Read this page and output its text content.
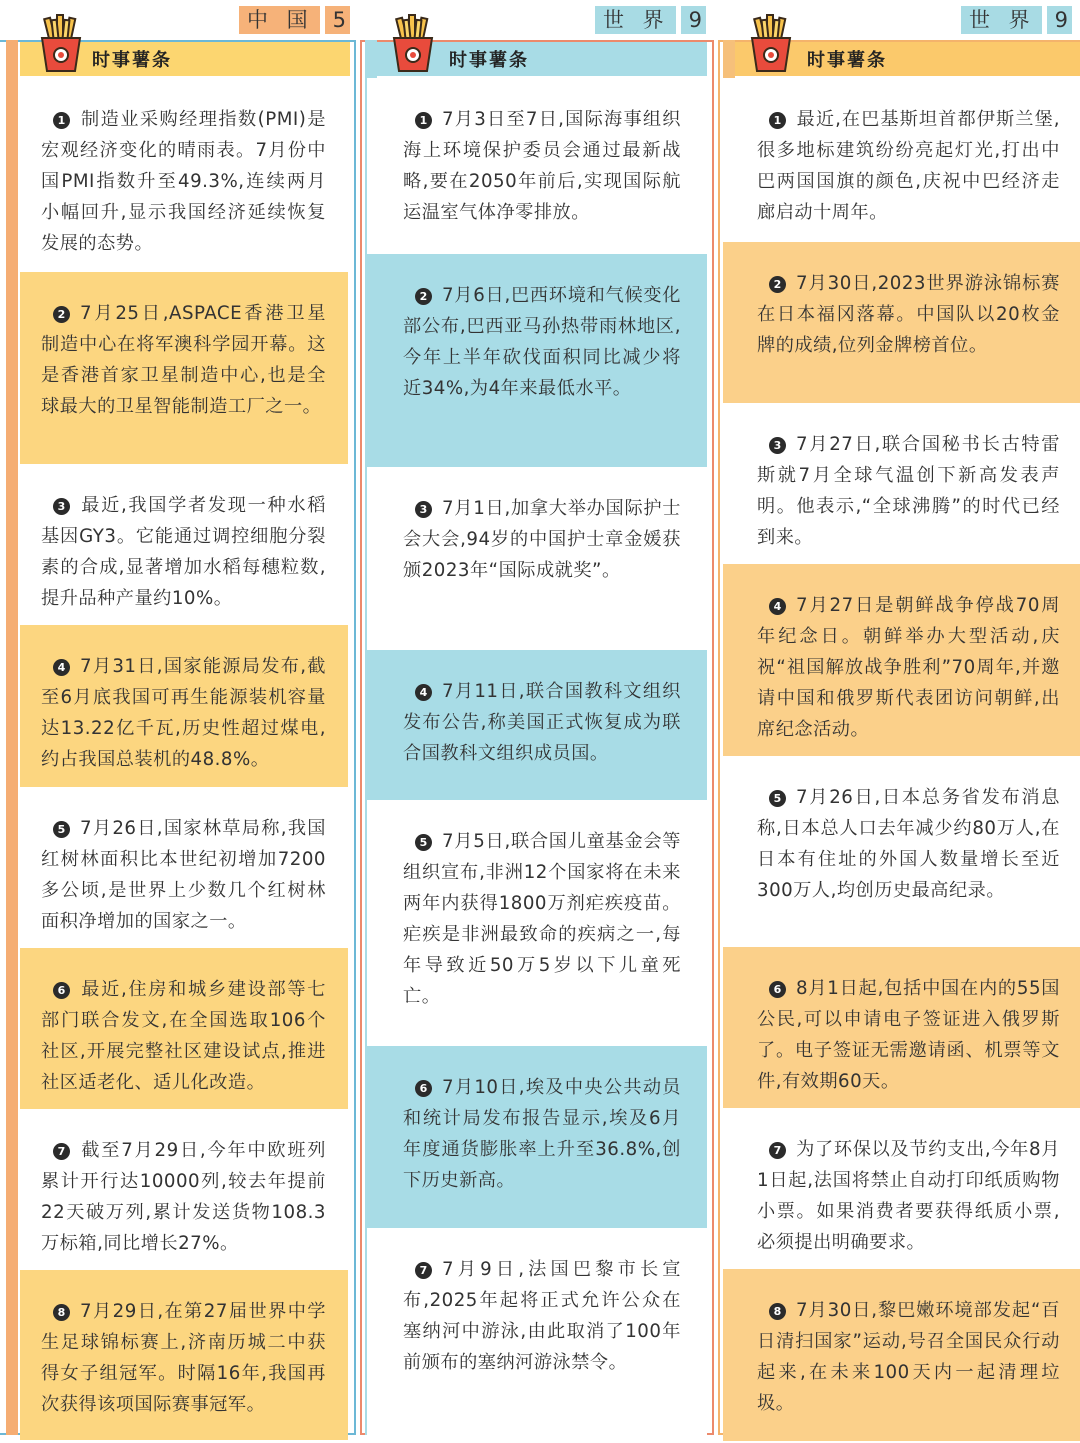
时事薯条
中 国 5

1 制造业采购经理指数(PMI)是宏观经济变化的晴雨表。7月份中国PMI指数升至49.3%,连续两月小幅回升,显示我国经济延续恢复发展的态势。

2 7月25日,ASPACE香港卫星制造中心在将军澳科学园开幕。这是香港首家卫星制造中心,也是全球最大的卫星智能制造工厂之一。

3 最近,我国学者发现一种水稻基因GY3。它能通过调控细胞分裂素的合成,显著增加水稻每穗粒数,提升品种产量约10%。

4 7月31日,国家能源局发布,截至6月底我国可再生能源装机容量达13.22亿千瓦,历史性超过煤电,约占我国总装机的48.8%。

5 7月26日,国家林草局称,我国红树林面积比本世纪初增加7200多公顷,是世界上少数几个红树林面积净增加的国家之一。

6 最近,住房和城乡建设部等七部门联合发文,在全国选取106个社区,开展完整社区建设试点,推进社区适老化、适儿化改造。

7 截至7月29日,今年中欧班列累计开行达10000列,较去年提前22天破万列,累计发送货物108.3万标箱,同比增长27%。

8 7月29日,在第27届世界中学生足球锦标赛上,济南历城二中获得女子组冠军。时隔16年,我国再次获得该项国际赛事冠军。

时事薯条
世 界 9

1 7月3日至7日,国际海事组织海上环境保护委员会通过最新战略,要在2050年前后,实现国际航运温室气体净零排放。

2 7月6日,巴西环境和气候变化部公布,巴西亚马孙热带雨林地区,今年上半年砍伐面积同比减少将近34%,为4年来最低水平。

3 7月1日,加拿大举办国际护士会大会,94岁的中国护士章金媛获颁2023年“国际成就奖”。

4 7月11日,联合国教科文组织发布公告,称美国正式恢复成为联合国教科文组织成员国。

5 7月5日,联合国儿童基金会等组织宣布,非洲12个国家将在未来两年内获得1800万剂疟疾疫苗。疟疾是非洲最致命的疾病之一,每年导致近50万5岁以下儿童死亡。

6 7月10日,埃及中央公共动员和统计局发布报告显示,埃及6月年度通货膨胀率上升至36.8%,创下历史新高。

7 7月9日,法国巴黎市长宣布,2025年起将正式允许公众在塞纳河中游泳,由此取消了100年前颁布的塞纳河游泳禁令。

时事薯条
世 界 9

1 最近,在巴基斯坦首都伊斯兰堡,很多地标建筑纷纷亮起灯光,打出中巴两国国旗的颜色,庆祝中巴经济走廊启动十周年。

2 7月30日,2023世界游泳锦标赛在日本福冈落幕。中国队以20枚金牌的成绩,位列金牌榜首位。

3 7月27日,联合国秘书长古特雷斯就7月全球气温创下新高发表声明。他表示,“全球沸腾”的时代已经到来。

4 7月27日是朝鲜战争停战70周年纪念日。朝鲜举办大型活动,庆祝“祖国解放战争胜利”70周年,并邀请中国和俄罗斯代表团访问朝鲜,出席纪念活动。

5 7月26日,日本总务省发布消息称,日本总人口去年减少约80万人,在日本有住址的外国人数量增长至近300万人,均创历史最高纪录。

6 8月1日起,包括中国在内的55国公民,可以申请电子签证进入俄罗斯了。电子签证无需邀请函、机票等文件,有效期60天。

7 为了环保以及节约支出,今年8月1日起,法国将禁止自动打印纸质购物小票。如果消费者要获得纸质小票,必须提出明确要求。

8 7月30日,黎巴嫩环境部发起“百日清扫国家”运动,号召全国民众行动起来,在未来100天内一起清理垃圾。
